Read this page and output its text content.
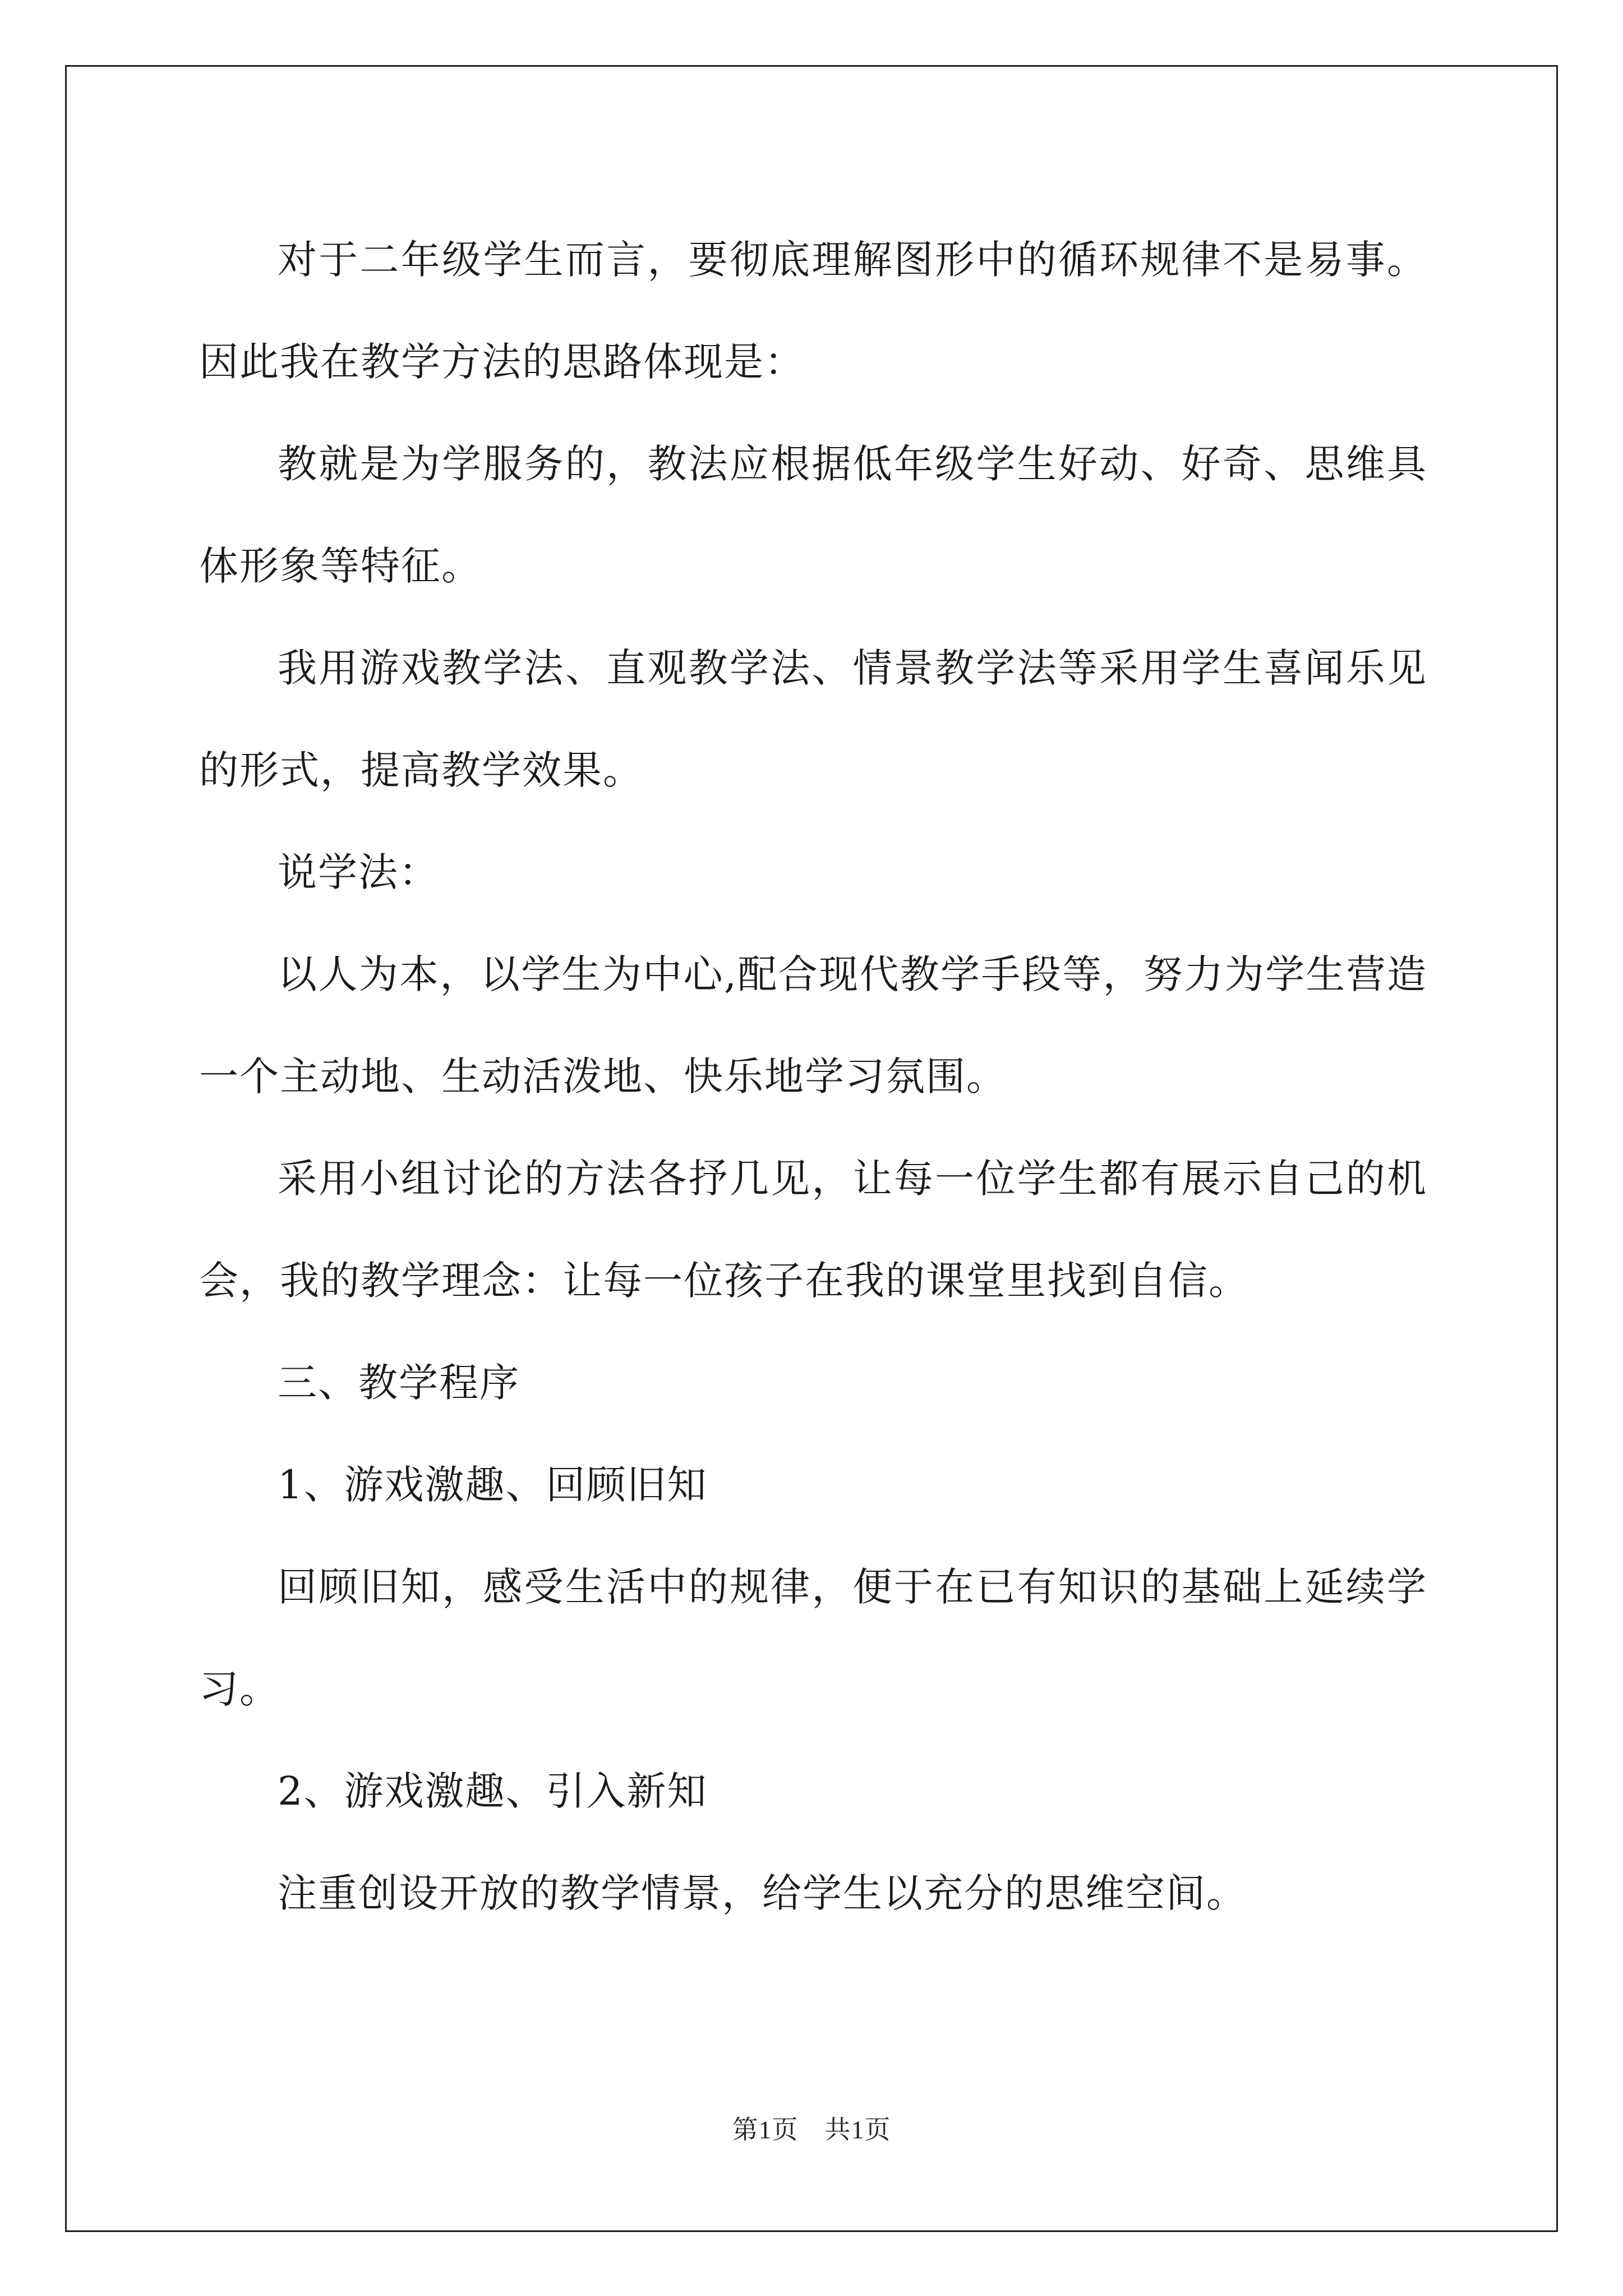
对于二年级学生而言，要彻底理解图形中的循环规律不是易事。因此我在教学方法的思路体现是：

教就是为学服务的，教法应根据低年级学生好动、好奇、思维具体形象等特征。

我用游戏教学法、直观教学法、情景教学法等采用学生喜闻乐见的形式，提高教学效果。

说学法：

以人为本，以学生为中心,配合现代教学手段等，努力为学生营造一个主动地、生动活泼地、快乐地学习氛围。

采用小组讨论的方法各抒几见，让每一位学生都有展示自己的机会，我的教学理念：让每一位孩子在我的课堂里找到自信。

三、教学程序

1、游戏激趣、回顾旧知

回顾旧知，感受生活中的规律，便于在已有知识的基础上延续学习。

2、游戏激趣、引入新知

注重创设开放的教学情景，给学生以充分的思维空间。

第1页　共1页
